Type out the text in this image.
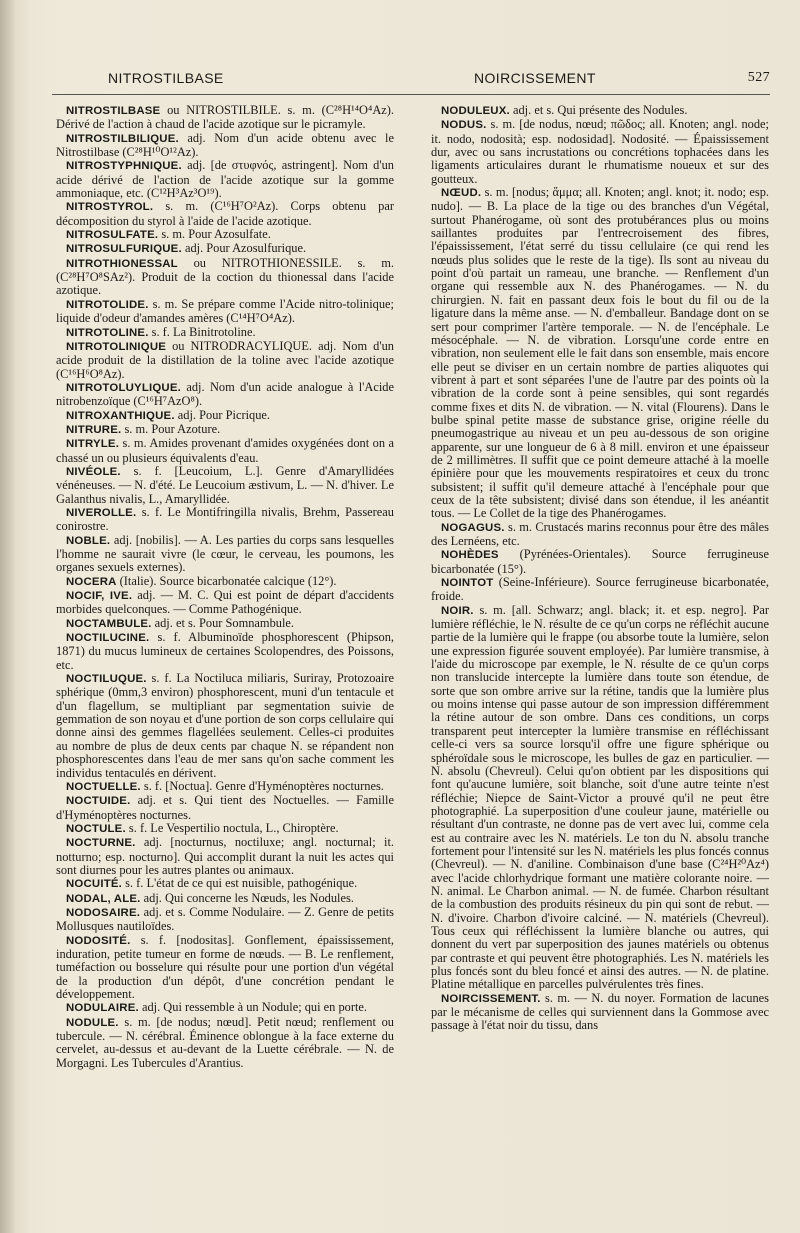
NITROSTILBASE	NOIRCISSEMENT	527

NITROSTILBASE ou NITROSTILBILE. s. m. (C²⁸H¹⁴O⁴Az). Dérivé de l'action à chaud de l'acide azotique sur le picramyle.

NITROSTILBILIQUE. adj. Nom d'un acide obtenu avec le Nitrostilbase (C²⁸H¹⁰O¹²Az).

NITROSTYPHNIQUE. adj. [de στυφνός, astringent]. Nom d'un acide dérivé de l'action de l'acide azotique sur la gomme ammoniaque, etc. (C¹²H³Az³O¹⁹).

NITROSTYROL. s. m. (C¹⁶H⁷O²Az). Corps obtenu par décomposition du styrol à l'aide de l'acide azotique.

NITROSULFATE. s. m. Pour Azosulfate.

NITROSULFURIQUE. adj. Pour Azosulfurique.

NITROTHIONESSAL ou NITROTHIONESSILE. s. m. (C²⁸H⁷O⁸SAz²). Produit de la coction du thionessal dans l'acide azotique.

NITROTOLIDE. s. m. Se prépare comme l'Acide nitro-tolinique; liquide d'odeur d'amandes amères (C¹⁴H⁷O⁴Az).

NITROTOLINE. s. f. La Binitrotoline.

NITROTOLINIQUE ou NITRODRACYLIQUE. adj. Nom d'un acide produit de la distillation de la toline avec l'acide azotique (C¹⁶H⁶O⁸Az).

NITROTOLUYLIQUE. adj. Nom d'un acide analogue à l'Acide nitrobenzoïque (C¹⁶H⁷AzO⁸).

NITROXANTHIQUE. adj. Pour Picrique.

NITRURE. s. m. Pour Azoture.

NITRYLE. s. m. Amides provenant d'amides oxygénées dont on a chassé un ou plusieurs équivalents d'eau.

NIVÉOLE. s. f. [Leucoium, L.]. Genre d'Amaryllidées vénéneuses. — N. d'été. Le Leucoium æstivum, L. — N. d'hiver. Le Galanthus nivalis, L., Amaryllidée.

NIVEROLLE. s. f. Le Montifringilla nivalis, Brehm, Passereau conirostre.

NOBLE. adj. [nobilis]. — A. Les parties du corps sans lesquelles l'homme ne saurait vivre (le cœur, le cerveau, les poumons, les organes sexuels externes).

NOCERA (Italie). Source bicarbonatée calcique (12°).

NOCIF, IVE. adj. — M. C. Qui est point de départ d'accidents morbides quelconques. — Comme Pathogénique.

NOCTAMBULE. adj. et s. Pour Somnambule.

NOCTILUCINE. s. f. Albuminoïde phosphorescent (Phipson, 1871) du mucus lumineux de certaines Scolopendres, des Poissons, etc.

NOCTILUQUE. s. f. La Noctiluca miliaris, Suriray, Protozoaire sphérique (0mm,3 environ) phosphorescent, muni d'un tentacule et d'un flagellum, se multipliant par segmentation suivie de gemmation de son noyau et d'une portion de son corps cellulaire qui donne ainsi des gemmes flagellées seulement. Celles-ci produites au nombre de plus de deux cents par chaque N. se répandent non phosphorescentes dans l'eau de mer sans qu'on sache comment les individus tentaculés en dérivent.

NOCTUELLE. s. f. [Noctua]. Genre d'Hyménoptères nocturnes.

NOCTUIDE. adj. et s. Qui tient des Noctuelles. — Famille d'Hyménoptères nocturnes.

NOCTULE. s. f. Le Vespertilio noctula, L., Chiroptère.

NOCTURNE. adj. [nocturnus, noctiluxe; angl. nocturnal; it. notturno; esp. nocturno]. Qui accomplit durant la nuit les actes qui sont diurnes pour les autres plantes ou animaux.

NOCUITÉ. s. f. L'état de ce qui est nuisible, pathogénique.

NODAL, ALE. adj. Qui concerne les Nœuds, les Nodules.

NODOSAIRE. adj. et s. Comme Nodulaire. — Z. Genre de petits Mollusques nautiloïdes.

NODOSITÉ. s. f. [nodositas]. Gonflement, épaississement, induration, petite tumeur en forme de nœuds. — B. Le renflement, tuméfaction ou bosselure qui résulte pour une portion d'un végétal de la production d'un dépôt, d'une concrétion pendant le développement.

NODULAIRE. adj. Qui ressemble à un Nodule; qui en porte.

NODULE. s. m. [de nodus; nœud]. Petit nœud; renflement ou tubercule. — N. cérébral. Éminence oblongue à la face externe du cervelet, au-dessus et au-devant de la Luette cérébrale. — N. de Morgagni. Les Tubercules d'Arantius.

NODULEUX. adj. et s. Qui présente des Nodules.

NODUS. s. m. [de nodus, nœud; πῶδος; all. Knoten; angl. node; it. nodo, nodosità; esp. nodosidad]. Nodosité. — Épaississement dur, avec ou sans incrustations ou concrétions tophacées dans les ligaments articulaires durant le rhumatisme noueux et sur des goutteux.

NŒUD. s. m. [nodus; ἅμμα; all. Knoten; angl. knot; it. nodo; esp. nudo]. — B. La place de la tige ou des branches d'un Végétal, surtout Phanérogame, où sont des protubérances plus ou moins saillantes produites par l'entrecroisement des fibres, l'épaississement, l'état serré du tissu cellulaire (ce qui rend les nœuds plus solides que le reste de la tige). Ils sont au niveau du point d'où partait un rameau, une branche. — Renflement d'un organe qui ressemble aux N. des Phanérogames. — N. du chirurgien. N. fait en passant deux fois le bout du fil ou de la ligature dans la même anse. — N. d'emballeur. Bandage dont on se sert pour comprimer l'artère temporale. — N. de l'encéphale. Le mésocéphale. — N. de vibration. Lorsqu'une corde entre en vibration, non seulement elle le fait dans son ensemble, mais encore elle peut se diviser en un certain nombre de parties aliquotes qui vibrent à part et sont séparées l'une de l'autre par des points où la vibration de la corde sont à peine sensibles, qui sont regardés comme fixes et dits N. de vibration. — N. vital (Flourens). Dans le bulbe spinal petite masse de substance grise, origine réelle du pneumogastrique au niveau et un peu au-dessous de son origine apparente, sur une longueur de 6 à 8 mill. environ et une épaisseur de 2 millimètres. Il suffit que ce point demeure attaché à la moelle épinière pour que les mouvements respiratoires et ceux du tronc subsistent; il suffit qu'il demeure attaché à l'encéphale pour que ceux de la tête subsistent; divisé dans son étendue, il les anéantit tous. — Le Collet de la tige des Phanérogames.

NOGAGUS. s. m. Crustacés marins reconnus pour être des mâles des Lernéens, etc.

NOHÈDES (Pyrénées-Orientales). Source ferrugineuse bicarbonatée (15°).

NOINTOT (Seine-Inférieure). Source ferrugineuse bicarbonatée, froide.

NOIR. s. m. [all. Schwarz; angl. black; it. et esp. negro]. Par lumière réfléchie, le N. résulte de ce qu'un corps ne réfléchit aucune partie de la lumière qui le frappe (ou absorbe toute la lumière, selon une expression figurée souvent employée). Par lumière transmise, à l'aide du microscope par exemple, le N. résulte de ce qu'un corps non translucide intercepte la lumière dans toute son étendue, de sorte que son ombre arrive sur la rétine, tandis que la lumière plus ou moins intense qui passe autour de son impression différemment la rétine autour de son ombre. Dans ces conditions, un corps transparent peut intercepter la lumière transmise en réfléchissant celle-ci vers sa source lorsqu'il offre une figure sphérique ou sphéroïdale sous le microscope, les bulles de gaz en particulier. — N. absolu (Chevreul). Celui qu'on obtient par les dispositions qui font qu'aucune lumière, soit blanche, soit d'une autre teinte n'est réfléchie; Niepce de Saint-Victor a prouvé qu'il ne peut être photographié. La superposition d'une couleur jaune, matérielle ou résultant d'un contraste, ne donne pas de vert avec lui, comme cela est au contraire avec les N. matériels. Le ton du N. absolu tranche fortement pour l'intensité sur les N. matériels les plus foncés connus (Chevreul). — N. d'aniline. Combinaison d'une base (C²⁴H²⁰Az⁴) avec l'acide chlorhydrique formant une matière colorante noire. — N. animal. Le Charbon animal. — N. de fumée. Charbon résultant de la combustion des produits résineux du pin qui sont de rebut. — N. d'ivoire. Charbon d'ivoire calciné. — N. matériels (Chevreul). Tous ceux qui réfléchissent la lumière blanche ou autres, qui donnent du vert par superposition des jaunes matériels ou obtenus par contraste et qui peuvent être photographiés. Les N. matériels les plus foncés sont du bleu foncé et ainsi des autres. — N. de platine. Platine métallique en parcelles pulvérulentes très fines.

NOIRCISSEMENT. s. m. — N. du noyer. Formation de lacunes par le mécanisme de celles qui surviennent dans la Gommose avec passage à l'état noir du tissu, dans
